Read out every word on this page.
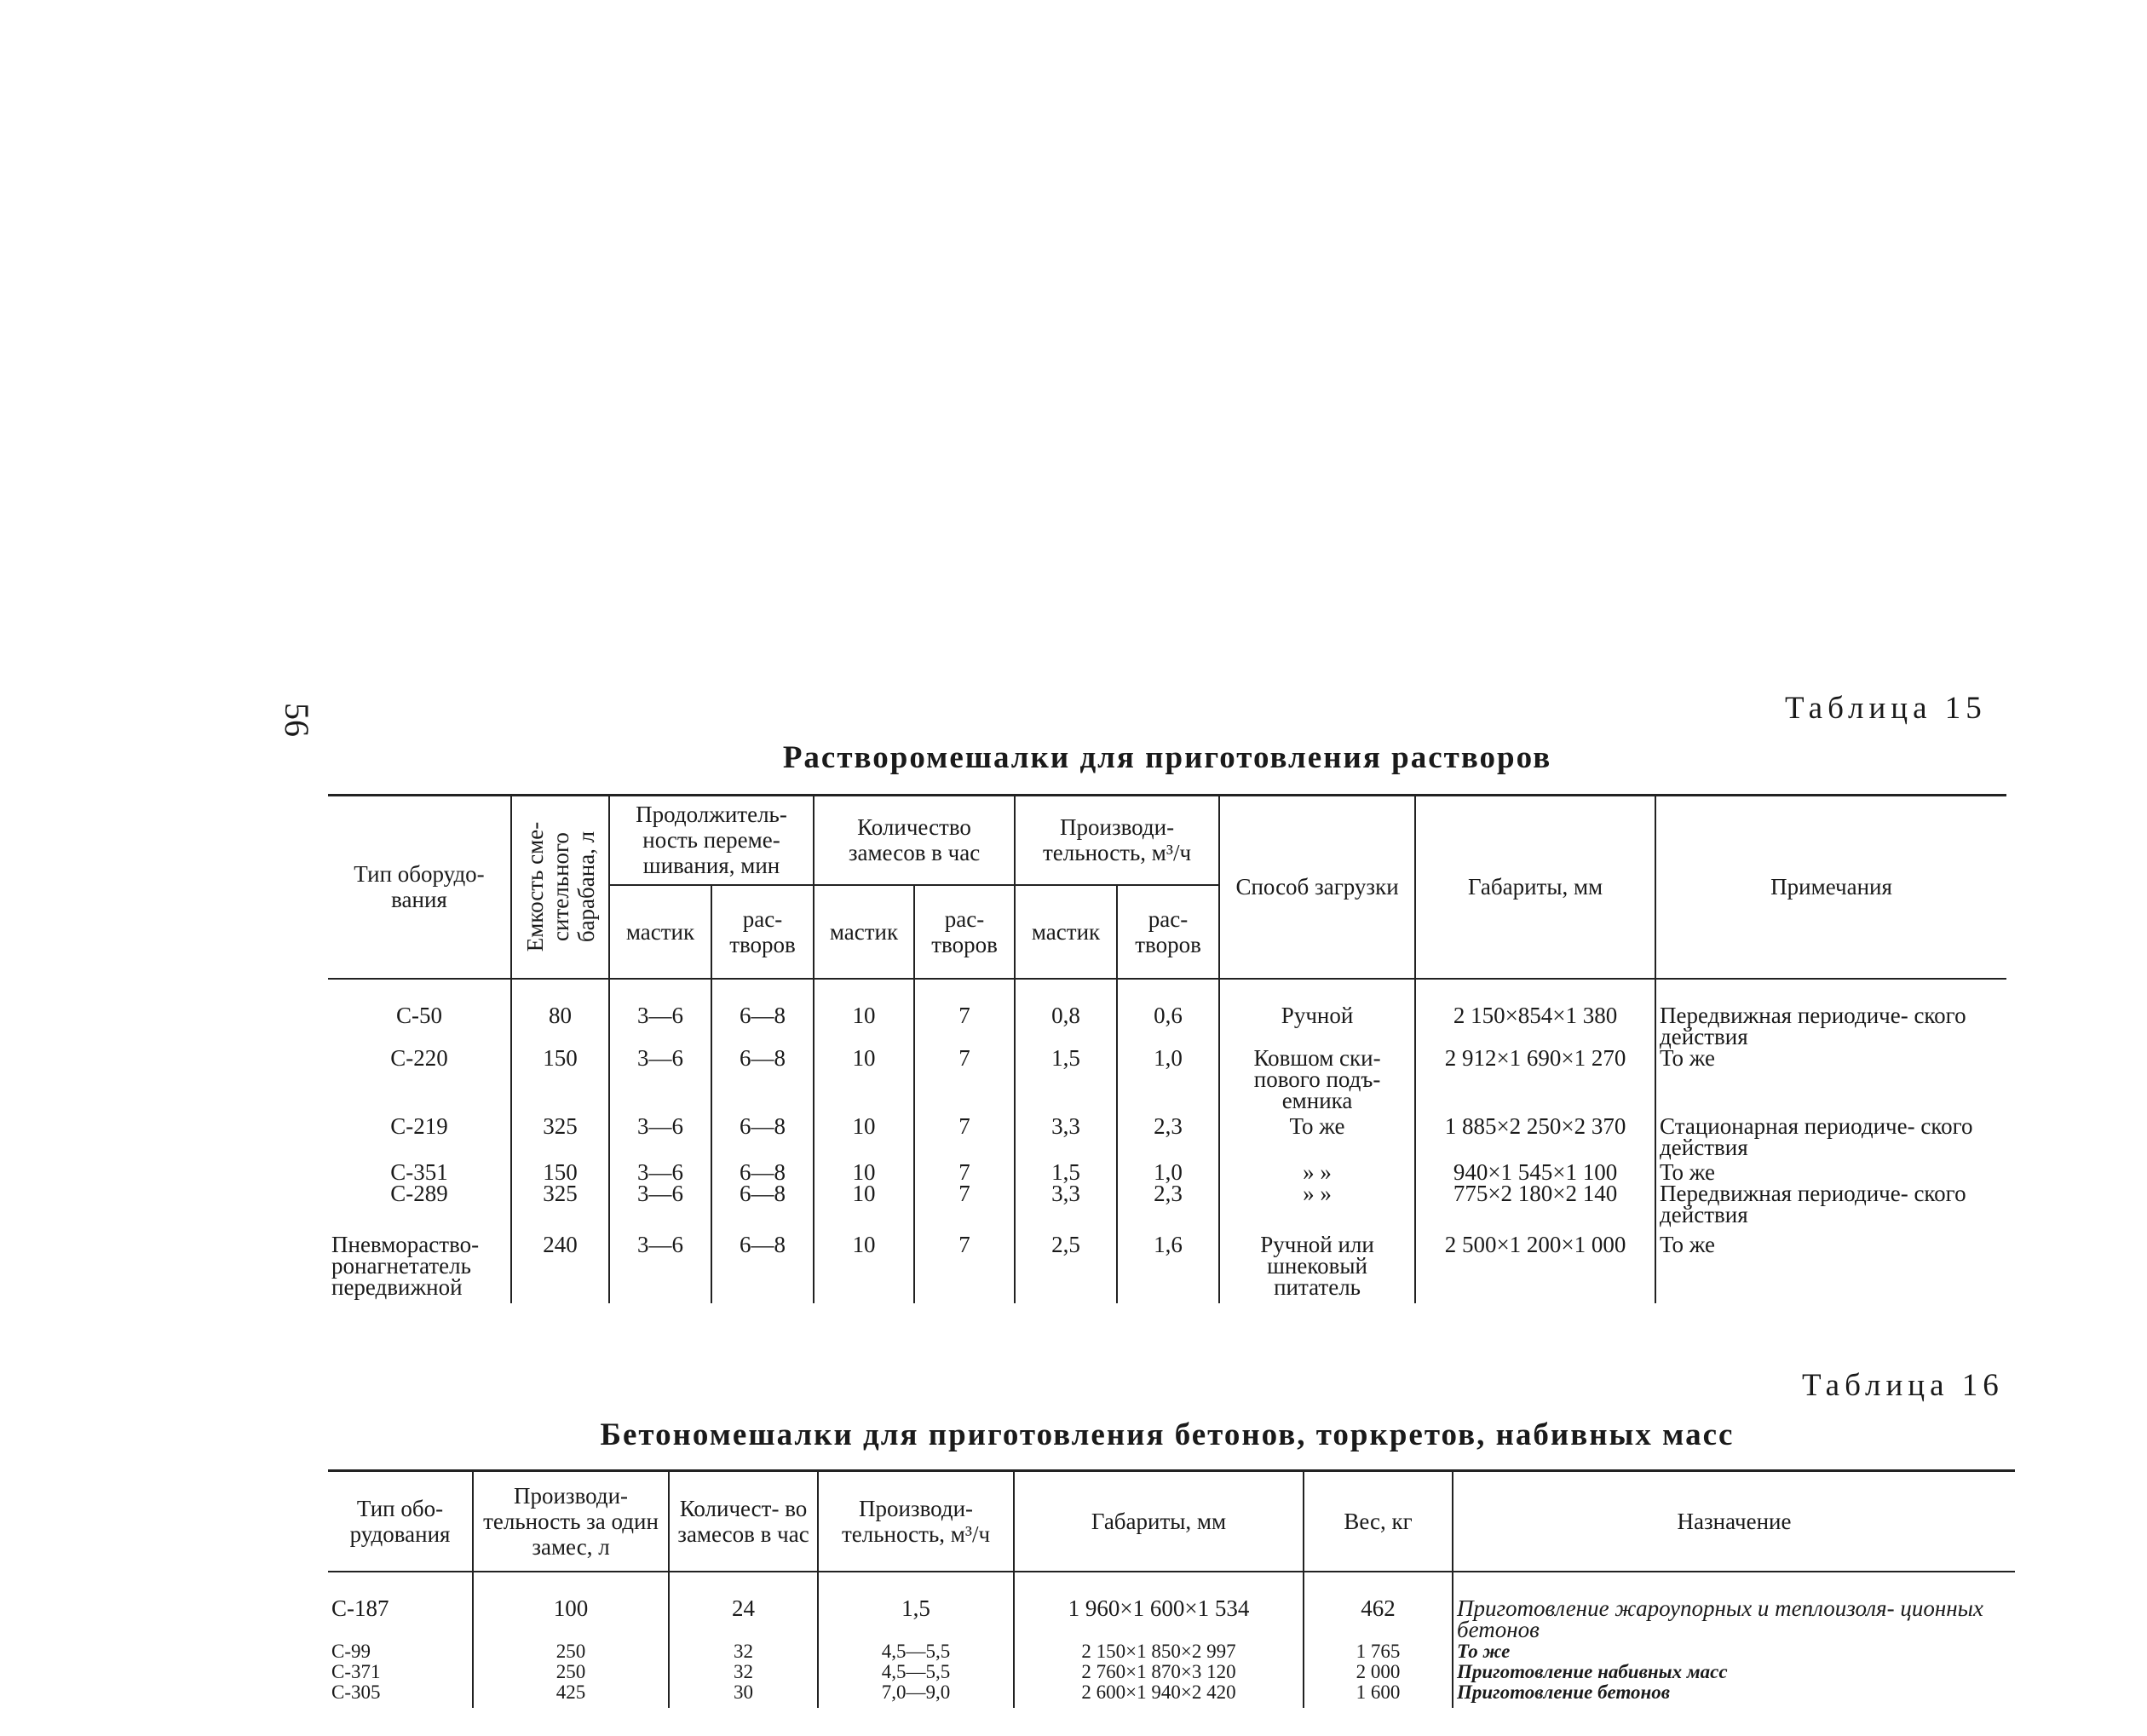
56	Таблица 15
Растворомешалки для приготовления растворов
Тип оборудо- вания	Емкость сме- сительного барабана, л	Продолжитель- ность переме- шивания, мин		Количество замесов в час		Производи- тельность, м³/ч		Способ загрузки	Габариты, мм	Примечания
		мастик	рас- творов	мастик	рас- творов	мастик	рас- творов			
С-50	80	3—6	6—8	10	7	0,8	0,6	Ручной	2 150×854×1 380	Передвижная периодиче- ского действия
С-220	150	3—6	6—8	10	7	1,5	1,0	Ковшом ски- пового подъ- емника	2 912×1 690×1 270	То же
С-219	325	3—6	6—8	10	7	3,3	2,3	То же	1 885×2 250×2 370	Стационарная периодиче- ского действия
С-351	150	3—6	6—8	10	7	1,5	1,0	» »	940×1 545×1 100	То же
С-289	325	3—6	6—8	10	7	3,3	2,3	» »	775×2 180×2 140	Передвижная периодиче- ского действия
Пневмораство- ронагнетатель передвижной	240	3—6	6—8	10	7	2,5	1,6	Ручной или шнековый питатель	2 500×1 200×1 000	То же
Таблица 16
Бетономешалки для приготовления бетонов, торкретов, набивных масс
Тип обо- рудования	Производи- тельность за один замес, л	Количест- во замесов в час	Производи- тельность, м³/ч	Габариты, мм	Вес, кг	Назначение
С-187	100	24	1,5	1 960×1 600×1 534	462	Приготовление жароупорных и теплоизоля- ционных бетонов
С-99	250	32	4,5—5,5	2 150×1 850×2 997	1 765	То же
С-371	250	32	4,5—5,5	2 760×1 870×3 120	2 000	Приготовление набивных масс
С-305	425	30	7,0—9,0	2 600×1 940×2 420	1 600	Приготовление бетонов
